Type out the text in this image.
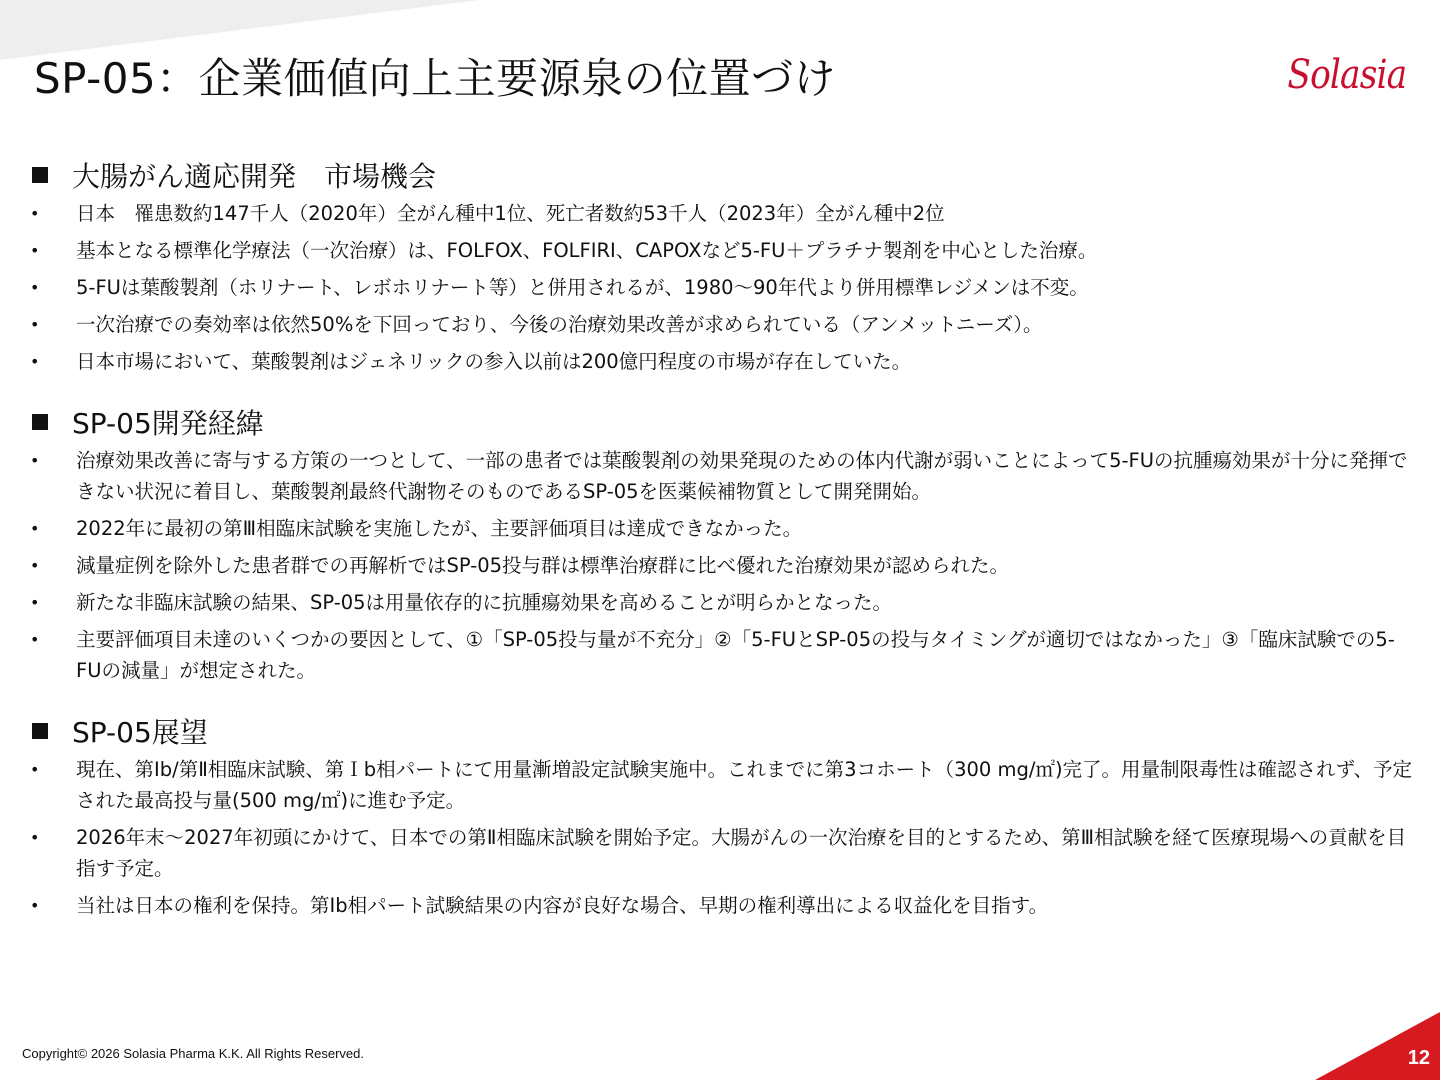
SP-05：企業価値向上主要源泉の位置づけ	Solasia
大腸がん適応開発　市場機会
• 日本　罹患数約147千人（2020年）全がん種中1位、死亡者数約53千人（2023年）全がん種中2位
• 基本となる標準化学療法（一次治療）は、FOLFOX、FOLFIRI、CAPOXなど5-FU＋プラチナ製剤を中心とした治療。
• 5-FUは葉酸製剤（ホリナート、レボホリナート等）と併用されるが、1980～90年代より併用標準レジメンは不変。
• 一次治療での奏効率は依然50%を下回っており、今後の治療効果改善が求められている（アンメットニーズ）。
• 日本市場において、葉酸製剤はジェネリックの参入以前は200億円程度の市場が存在していた。
SP-05開発経緯
• 治療効果改善に寄与する方策の一つとして、一部の患者では葉酸製剤の効果発現のための体内代謝が弱いことによって5-FUの抗腫瘍効果が十分に発揮できない状況に着目し、葉酸製剤最終代謝物そのものであるSP-05を医薬候補物質として開発開始。
• 2022年に最初の第Ⅲ相臨床試験を実施したが、主要評価項目は達成できなかった。
• 減量症例を除外した患者群での再解析ではSP-05投与群は標準治療群に比べ優れた治療効果が認められた。
• 新たな非臨床試験の結果、SP-05は用量依存的に抗腫瘍効果を高めることが明らかとなった。
• 主要評価項目未達のいくつかの要因として、①「SP-05投与量が不充分」②「5-FUとSP-05の投与タイミングが適切ではなかった」③「臨床試験での5-FUの減量」が想定された。
SP-05展望
• 現在、第Ib/第Ⅱ相臨床試験、第Ｉb相パートにて用量漸増設定試験実施中。これまでに第3コホート（300 mg/㎡)完了。用量制限毒性は確認されず、予定された最高投与量(500 mg/㎡)に進む予定。
• 2026年末～2027年初頭にかけて、日本での第Ⅱ相臨床試験を開始予定。大腸がんの一次治療を目的とするため、第Ⅲ相試験を経て医療現場への貢献を目指す予定。
• 当社は日本の権利を保持。第Ib相パート試験結果の内容が良好な場合、早期の権利導出による収益化を目指す。
Copyright© 2026 Solasia Pharma K.K. All Rights Reserved.	12
